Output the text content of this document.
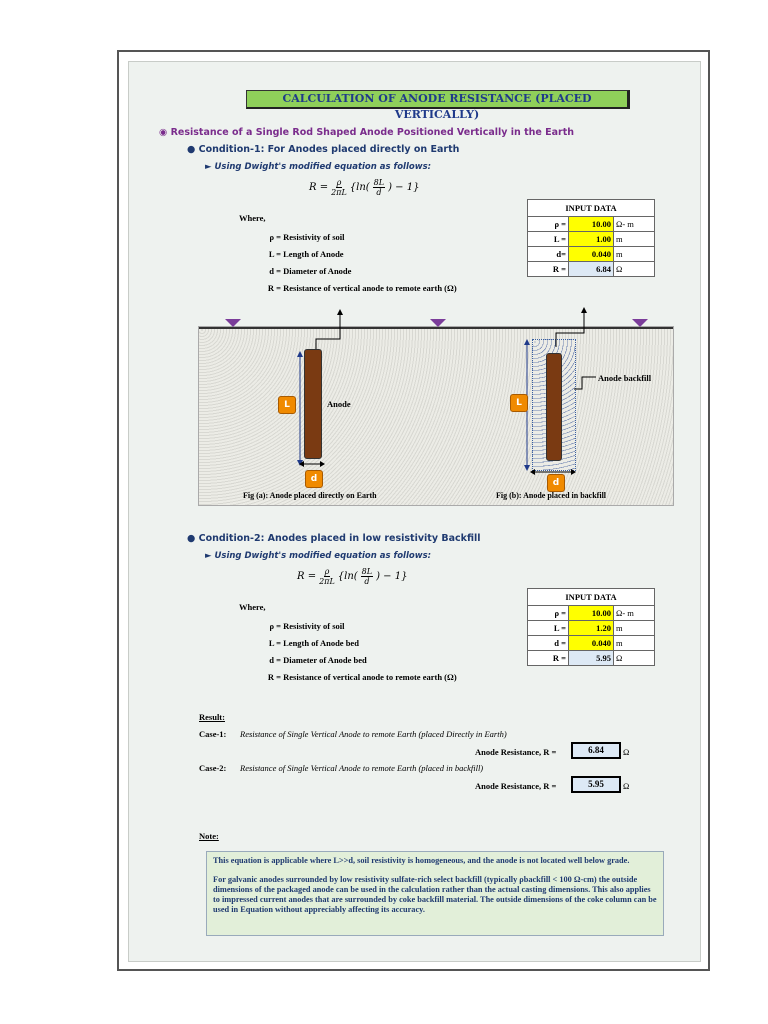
CALCULATION OF ANODE RESISTANCE (PLACED VERTICALLY)
◉ Resistance of a Single Rod Shaped Anode Positioned Vertically in the Earth
● Condition-1: For Anodes placed directly on Earth
► Using Dwight's modified equation as follows:
$R = \frac{\rho}{2\pi L} \{\ln( \frac{8L}{d}$ ) − 1}
Where,
ρ = Resistivity of soil
L = Length of Anode
d = Diameter of Anode
R = Resistance of vertical anode to remote earth (Ω)
INPUT DATA		
ρ =	10.00	Ω- m
L =	1.00	m
d=	0.040	m
R =	6.84	Ω
L	Anode
d
Fig (a): Anode placed directly on Earth
Anode backfill
L
d
Fig (b): Anode placed in backfill
● Condition-2: Anodes placed in low resistivity Backfill
► Using Dwight's modified equation as follows:
$R = \frac{\rho}{2\pi L} \{\ln( \frac{8L}{d}$ ) − 1}
Where,
ρ = Resistivity of soil
L = Length of Anode bed
d = Diameter of Anode bed
R = Resistance of vertical anode to remote earth (Ω)
INPUT DATA		
ρ =	10.00	Ω- m
L =	1.20	m
d =	0.040	m
R =	5.95	Ω
Result:
Case-1: Resistance of Single Vertical Anode to remote Earth (placed Directly in Earth)
Anode Resistance, R =	6.84	Ω
Case-2: Resistance of Single Vertical Anode to remote Earth (placed in backfill)
Anode Resistance, R =	5.95	Ω
Note:
This equation is applicable where L>>d, soil resistivity is homogeneous, and the anode is not located well below grade.
For galvanic anodes surrounded by low resistivity sulfate-rich select backfill (typically ρbackfill < 100 Ω-cm) the outside dimensions of the packaged anode can be used in the calculation rather than the actual casting dimensions. This also applies to impressed current anodes that are surrounded by coke backfill material. The outside dimensions of the coke column can be used in Equation without appreciably affecting its accuracy.
